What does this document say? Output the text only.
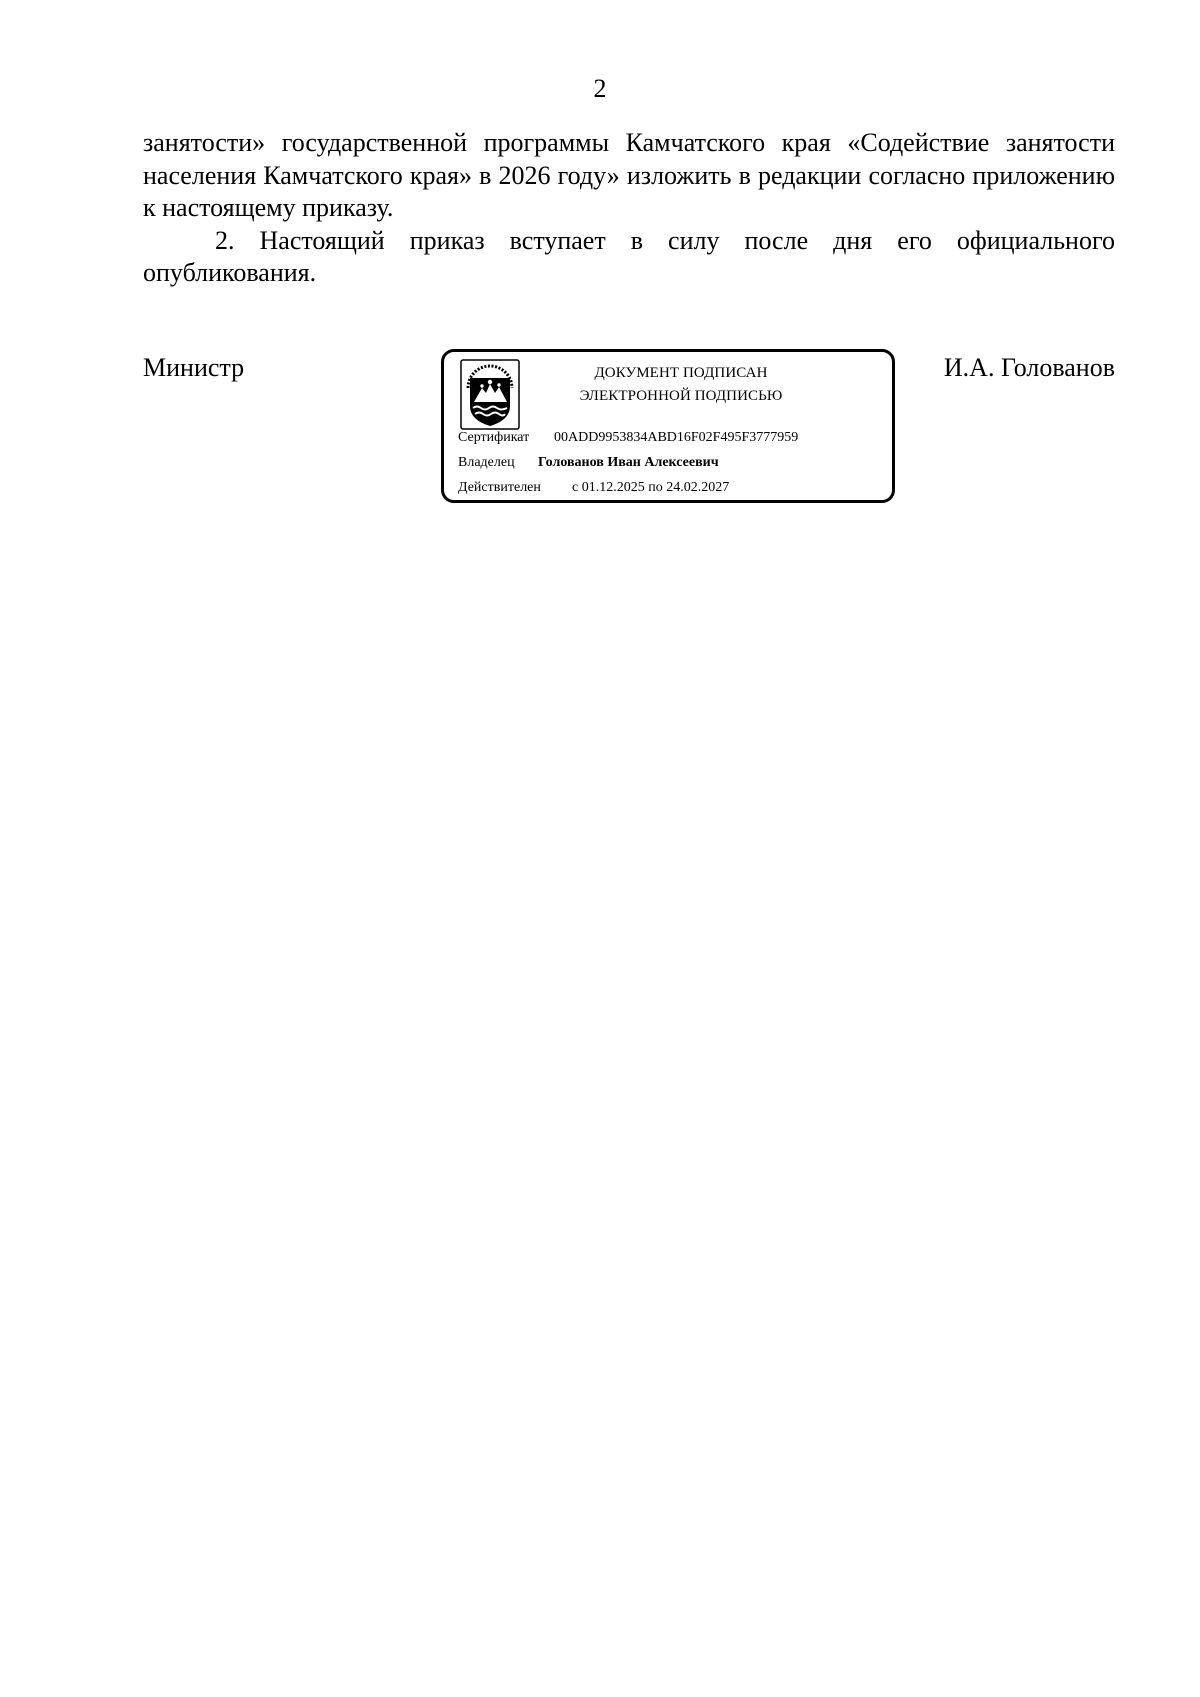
2

занятости» государственной программы Камчатского края «Содействие занятости населения Камчатского края» в 2026 году» изложить в редакции согласно приложению к настоящему приказу.

2. Настоящий приказ вступает в силу после дня его официального опубликования.

Министр	ДОКУМЕНТ ПОДПИСАН
ЭЛЕКТРОННОЙ ПОДПИСЬЮ
Сертификат 00ADD9953834ABD16F02F495F3777959
Владелец Голованов Иван Алексеевич
Действителен с 01.12.2025 по 24.02.2027
И.А. Голованов
